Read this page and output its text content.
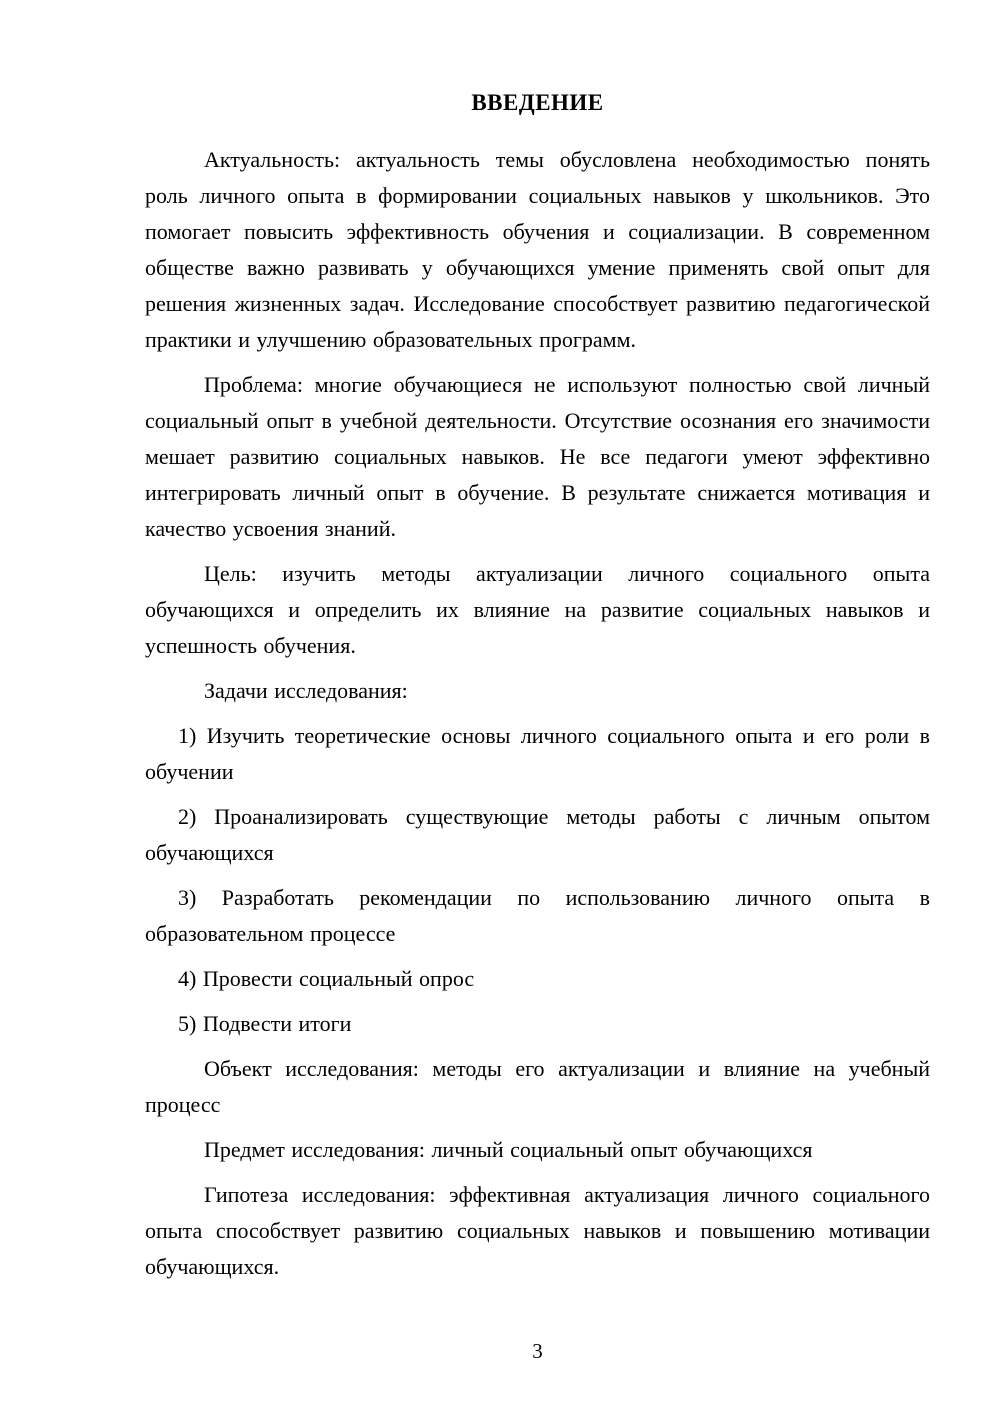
ВВЕДЕНИЕ

Актуальность: актуальность темы обусловлена необходимостью понять роль личного опыта в формировании социальных навыков у школьников. Это помогает повысить эффективность обучения и социализации. В современном обществе важно развивать у обучающихся умение применять свой опыт для решения жизненных задач. Исследование способствует развитию педагогической практики и улучшению образовательных программ.

Проблема: многие обучающиеся не используют полностью свой личный социальный опыт в учебной деятельности. Отсутствие осознания его значимости мешает развитию социальных навыков. Не все педагоги умеют эффективно интегрировать личный опыт в обучение. В результате снижается мотивация и качество усвоения знаний.

Цель: изучить методы актуализации личного социального опыта обучающихся и определить их влияние на развитие социальных навыков и успешность обучения.

Задачи исследования:

1) Изучить теоретические основы личного социального опыта и его роли в обучении

2) Проанализировать существующие методы работы с личным опытом обучающихся

3) Разработать рекомендации по использованию личного опыта в образовательном процессе

4) Провести социальный опрос

5) Подвести итоги

Объект исследования: методы его актуализации и влияние на учебный процесс

Предмет исследования: личный социальный опыт обучающихся

Гипотеза исследования: эффективная актуализация личного социального опыта способствует развитию социальных навыков и повышению мотивации обучающихся.

3
